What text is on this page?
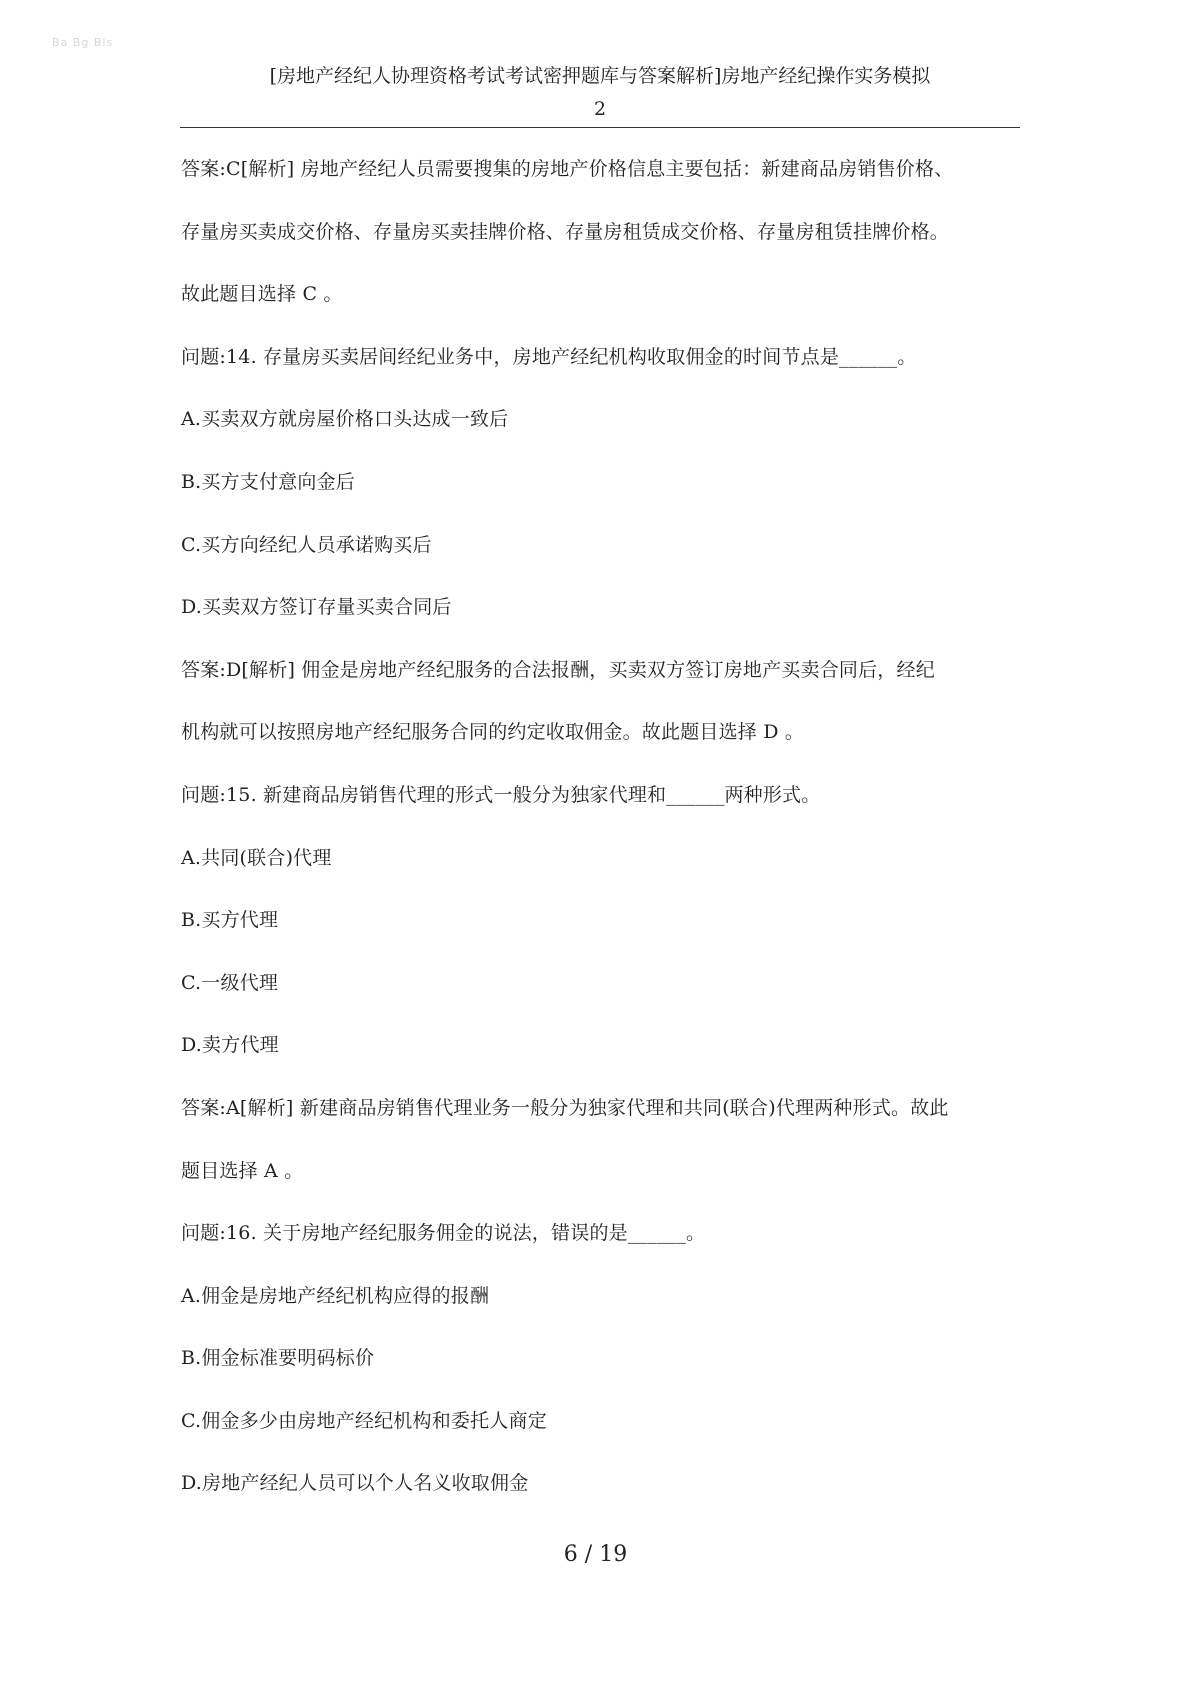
Ba Bg Bls
[房地产经纪人协理资格考试考试密押题库与答案解析]房地产经纪操作实务模拟
2
答案:C[解析] 房地产经纪人员需要搜集的房地产价格信息主要包括：新建商品房销售价格、
存量房买卖成交价格、存量房买卖挂牌价格、存量房租赁成交价格、存量房租赁挂牌价格。
故此题目选择 C 。
问题:14. 存量房买卖居间经纪业务中，房地产经纪机构收取佣金的时间节点是______。
A.买卖双方就房屋价格口头达成一致后
B.买方支付意向金后
C.买方向经纪人员承诺购买后
D.买卖双方签订存量买卖合同后
答案:D[解析] 佣金是房地产经纪服务的合法报酬，买卖双方签订房地产买卖合同后，经纪
机构就可以按照房地产经纪服务合同的约定收取佣金。故此题目选择 D 。
问题:15. 新建商品房销售代理的形式一般分为独家代理和______两种形式。
A.共同(联合)代理
B.买方代理
C.一级代理
D.卖方代理
答案:A[解析] 新建商品房销售代理业务一般分为独家代理和共同(联合)代理两种形式。故此
题目选择 A 。
问题:16. 关于房地产经纪服务佣金的说法，错误的是______。
A.佣金是房地产经纪机构应得的报酬
B.佣金标准要明码标价
C.佣金多少由房地产经纪机构和委托人商定
D.房地产经纪人员可以个人名义收取佣金
6 / 19
